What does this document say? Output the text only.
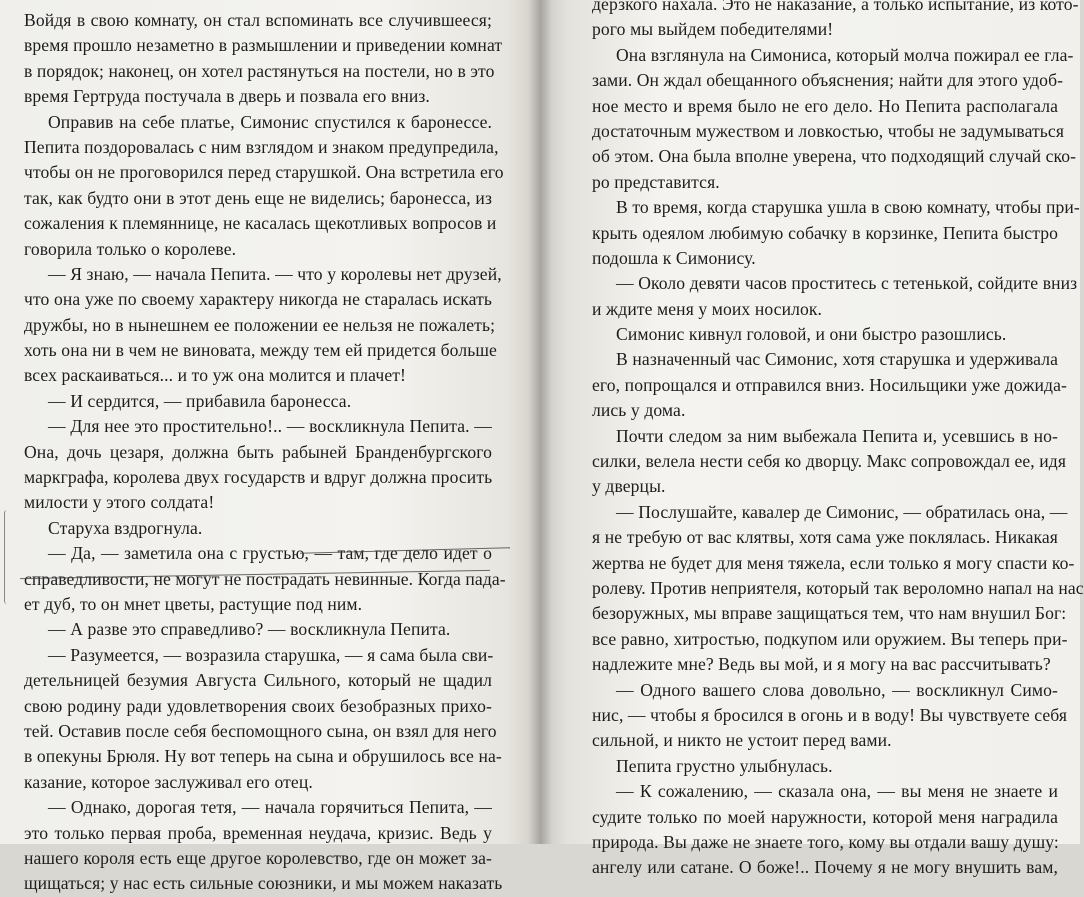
Войдя в свою комнату, он стал вспоминать все случившееся;
время прошло незаметно в размышлении и приведении комнат
в порядок; наконец, он хотел растянуться на постели, но в это
время Гертруда постучала в дверь и позвала его вниз.
Оправив на себе платье, Симонис спустился к баронессе.
Пепита поздоровалась с ним взглядом и знаком предупредила,
чтобы он не проговорился перед старушкой. Она встретила его
так, как будто они в этот день еще не виделись; баронесса, из
сожаления к племяннице, не касалась щекотливых вопросов и
говорила только о королеве.
— Я знаю, — начала Пепита. — что у королевы нет друзей,
что она уже по своему характеру никогда не старалась искать
дружбы, но в нынешнем ее положении ее нельзя не пожалеть;
хоть она ни в чем не виновата, между тем ей придется больше
всех раскаиваться... и то уж она молится и плачет!
— И сердится, — прибавила баронесса.
— Для нее это простительно!.. — воскликнула Пепита. —
Она, дочь цезаря, должна быть рабыней Бранденбургского
маркграфа, королева двух государств и вдруг должна просить
милости у этого солдата!
Старуха вздрогнула.
— Да, — заметила она с грустью, — там, где дело идет о
справедливости, не могут не пострадать невинные. Когда пада-
ет дуб, то он мнет цветы, растущие под ним.
— А разве это справедливо? — воскликнула Пепита.
— Разумеется, — возразила старушка, — я сама была сви-
детельницей безумия Августа Сильного, который не щадил
свою родину ради удовлетворения своих безобразных прихо-
тей. Оставив после себя беспомощного сына, он взял для него
в опекуны Брюля. Ну вот теперь на сына и обрушилось все на-
казание, которое заслуживал его отец.
— Однако, дорогая тетя, — начала горячиться Пепита, —
это только первая проба, временная неудача, кризис. Ведь у
нашего короля есть еще другое королевство, где он может за-
щищаться; у нас есть сильные союзники, и мы можем наказать
дерзкого нахала. Это не наказание, а только испытание, из кото-
рого мы выйдем победителями!
Она взглянула на Симониса, который молча пожирал ее гла-
зами. Он ждал обещанного объяснения; найти для этого удоб-
ное место и время было не его дело. Но Пепита располагала
достаточным мужеством и ловкостью, чтобы не задумываться
об этом. Она была вполне уверена, что подходящий случай ско-
ро представится.
В то время, когда старушка ушла в свою комнату, чтобы при-
крыть одеялом любимую собачку в корзинке, Пепита быстро
подошла к Симонису.
— Около девяти часов проститесь с тетенькой, сойдите вниз
и ждите меня у моих носилок.
Симонис кивнул головой, и они быстро разошлись.
В назначенный час Симонис, хотя старушка и удерживала
его, попрощался и отправился вниз. Носильщики уже дожида-
лись у дома.
Почти следом за ним выбежала Пепита и, усевшись в но-
силки, велела нести себя ко дворцу. Макс сопровождал ее, идя
у дверцы.
— Послушайте, кавалер де Симонис, — обратилась она, —
я не требую от вас клятвы, хотя сама уже поклялась. Никакая
жертва не будет для меня тяжела, если только я могу спасти ко-
ролеву. Против неприятеля, который так вероломно напал на нас
безоружных, мы вправе защищаться тем, что нам внушил Бог:
все равно, хитростью, подкупом или оружием. Вы теперь при-
надлежите мне? Ведь вы мой, и я могу на вас рассчитывать?
— Одного вашего слова довольно, — воскликнул Симо-
нис, — чтобы я бросился в огонь и в воду! Вы чувствуете себя
сильной, и никто не устоит перед вами.
Пепита грустно улыбнулась.
— К сожалению, — сказала она, — вы меня не знаете и
судите только по моей наружности, которой меня наградила
природа. Вы даже не знаете того, кому вы отдали вашу душу:
ангелу или сатане. О боже!.. Почему я не могу внушить вам,
